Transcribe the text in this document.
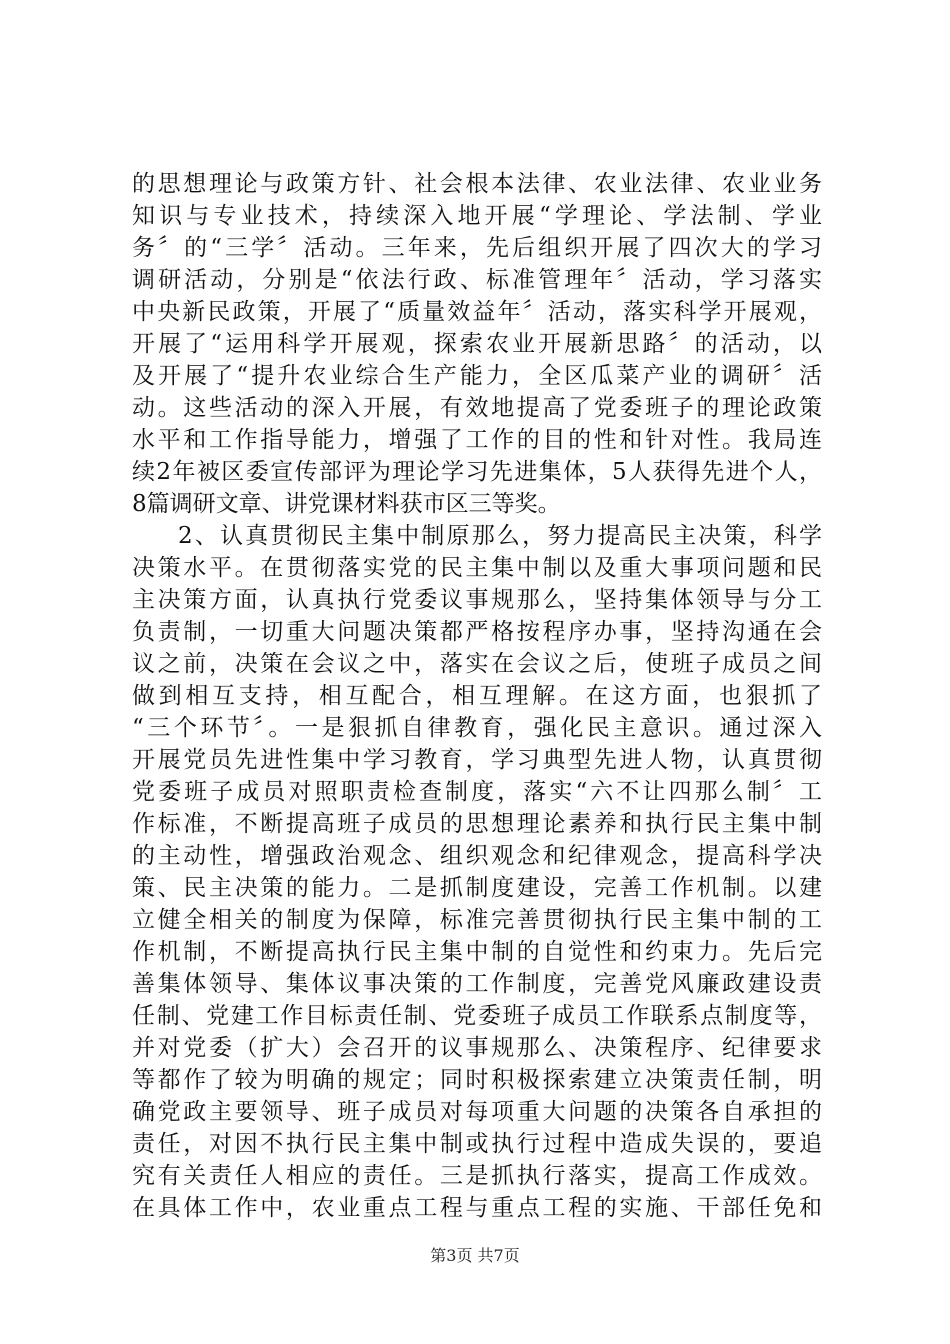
的思想理论与政策方针、社会根本法律、农业法律、农业业务
知识与专业技术，持续深入地开展“学理论、学法制、学业
务〞的“三学〞活动。三年来，先后组织开展了四次大的学习
调研活动，分别是“依法行政、标准管理年〞活动，学习落实
中央新民政策，开展了“质量效益年〞活动，落实科学开展观，
开展了“运用科学开展观，探索农业开展新思路〞的活动，以
及开展了“提升农业综合生产能力，全区瓜菜产业的调研〞活
动。这些活动的深入开展，有效地提高了党委班子的理论政策
水平和工作指导能力，增强了工作的目的性和针对性。我局连
续2年被区委宣传部评为理论学习先进集体，5人获得先进个人，
8篇调研文章、讲党课材料获市区三等奖。
2、认真贯彻民主集中制原那么，努力提高民主决策，科学
决策水平。在贯彻落实党的民主集中制以及重大事项问题和民
主决策方面，认真执行党委议事规那么，坚持集体领导与分工
负责制，一切重大问题决策都严格按程序办事，坚持沟通在会
议之前，决策在会议之中，落实在会议之后，使班子成员之间
做到相互支持，相互配合，相互理解。在这方面，也狠抓了
“三个环节〞。一是狠抓自律教育，强化民主意识。通过深入
开展党员先进性集中学习教育，学习典型先进人物，认真贯彻
党委班子成员对照职责检查制度，落实“六不让四那么制〞工
作标准，不断提高班子成员的思想理论素养和执行民主集中制
的主动性，增强政治观念、组织观念和纪律观念，提高科学决
策、民主决策的能力。二是抓制度建设，完善工作机制。以建
立健全相关的制度为保障，标准完善贯彻执行民主集中制的工
作机制，不断提高执行民主集中制的自觉性和约束力。先后完
善集体领导、集体议事决策的工作制度，完善党风廉政建设责
任制、党建工作目标责任制、党委班子成员工作联系点制度等，
并对党委（扩大）会召开的议事规那么、决策程序、纪律要求
等都作了较为明确的规定；同时积极探索建立决策责任制，明
确党政主要领导、班子成员对每项重大问题的决策各自承担的
责任，对因不执行民主集中制或执行过程中造成失误的，要追
究有关责任人相应的责任。三是抓执行落实，提高工作成效。
在具体工作中，农业重点工程与重点工程的实施、干部任免和
第3页 共7页
